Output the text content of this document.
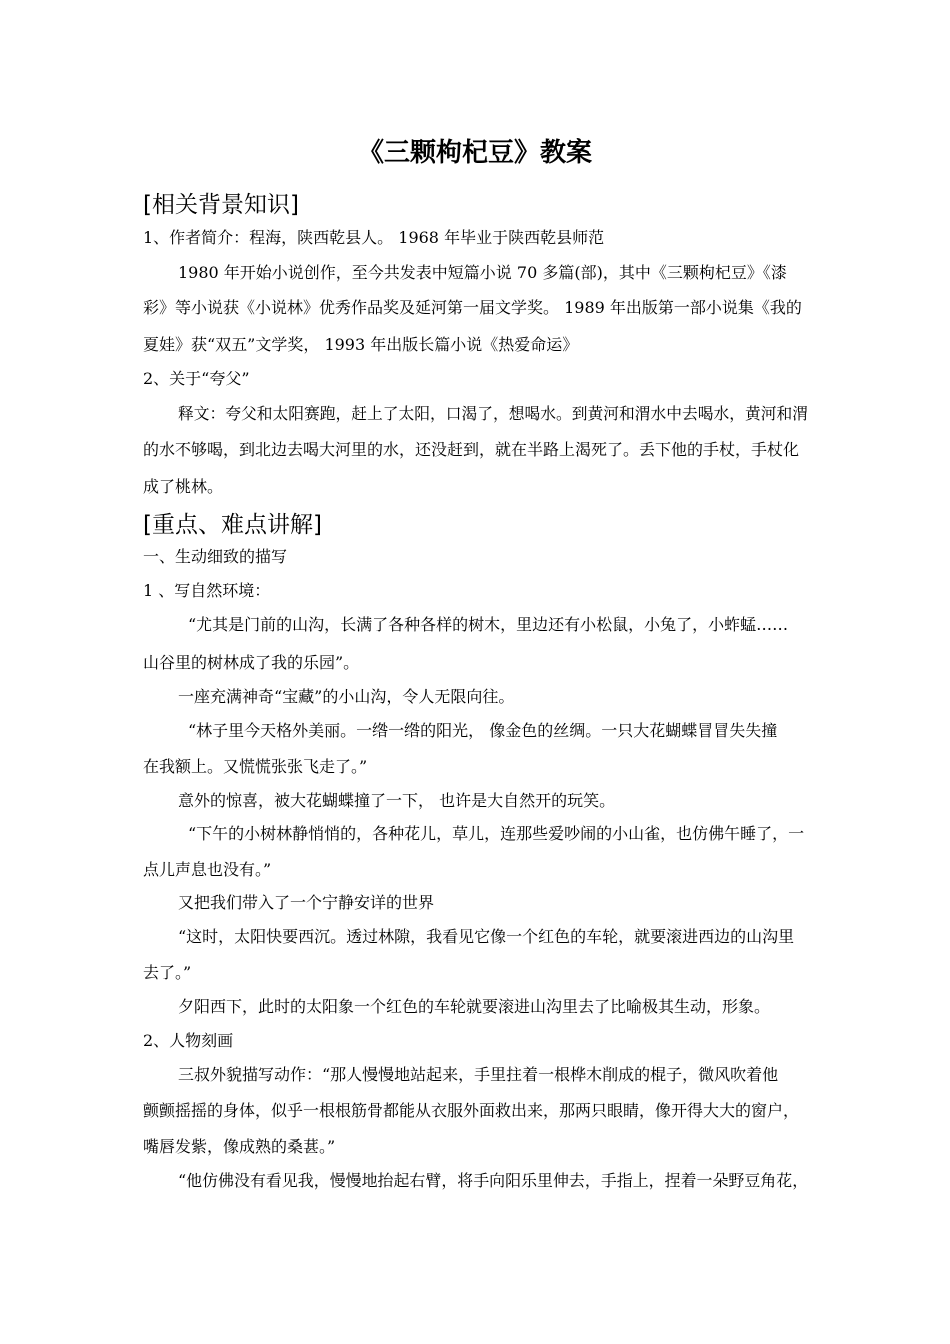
《三颗枸杞豆》教案
[相关背景知识]
1、作者简介：程海，陕西乾县人。 1968 年毕业于陕西乾县师范
1980 年开始小说创作，至今共发表中短篇小说 70 多篇(部)，其中《三颗枸杞豆》《漆
彩》等小说获《小说林》优秀作品奖及延河第一届文学奖。 1989 年出版第一部小说集《我的
夏娃》获“双五”文学奖， 1993 年出版长篇小说《热爱命运》
2、关于“夸父”
释文：夸父和太阳赛跑，赶上了太阳，口渴了，想喝水。到黄河和渭水中去喝水，黄河和渭
的水不够喝，到北边去喝大河里的水，还没赶到，就在半路上渴死了。丢下他的手杖，手杖化
成了桃林。
[重点、难点讲解]
一、生动细致的描写
1 、写自然环境：
“尤其是门前的山沟，长满了各种各样的树木，里边还有小松鼠，小兔了，小蚱蜢……
山谷里的树林成了我的乐园”。
一座充满神奇“宝藏”的小山沟，令人无限向往。
“林子里今天格外美丽。一绺一绺的阳光， 像金色的丝绸。一只大花蝴蝶冒冒失失撞
在我额上。又慌慌张张飞走了。”
意外的惊喜，被大花蝴蝶撞了一下， 也许是大自然开的玩笑。
“下午的小树林静悄悄的，各种花儿，草儿，连那些爱吵闹的小山雀，也仿佛午睡了，一
点儿声息也没有。”
又把我们带入了一个宁静安详的世界
“这时，太阳快要西沉。透过林隙，我看见它像一个红色的车轮，就要滚进西边的山沟里
去了。”
夕阳西下，此时的太阳象一个红色的车轮就要滚进山沟里去了比喻极其生动，形象。
2、人物刻画
三叔外貌描写动作：“那人慢慢地站起来，手里拄着一根桦木削成的棍子，微风吹着他
颤颤摇摇的身体，似乎一根根筋骨都能从衣服外面救出来，那两只眼睛，像开得大大的窗户，
嘴唇发紫，像成熟的桑葚。”
“他仿佛没有看见我，慢慢地抬起右臂，将手向阳乐里伸去，手指上，捏着一朵野豆角花，
